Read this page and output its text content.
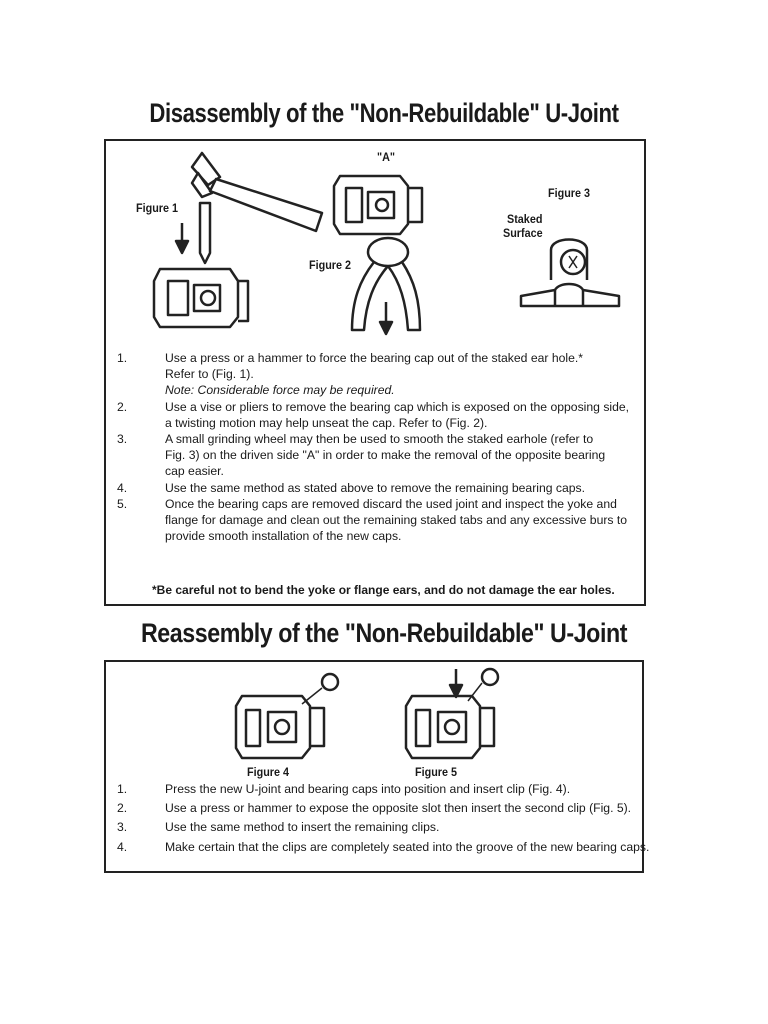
Disassembly of the "Non-Rebuildable" U-Joint
Figure 1
"A"
Figure 2
Figure 3
Staked
Surface
1.	Use a press or a hammer to force the bearing cap out of the staked ear hole.*
Refer to (Fig. 1).
Note: Considerable force may be required.
2.	Use a vise or pliers to remove the bearing cap which is exposed on the opposing side,
a twisting motion may help unseat the cap. Refer to (Fig. 2).
3.	A small grinding wheel may then be used to smooth the staked earhole (refer to
Fig. 3) on the driven side "A" in order to make the removal of the opposite bearing
cap easier.
4.	Use the same method as stated above to remove the remaining bearing caps.
5.	Once the bearing caps are removed discard the used joint and inspect the yoke and
flange for damage and clean out the remaining staked tabs and any excessive burs to
provide smooth installation of the new caps.
*Be careful not to bend the yoke or flange ears, and do not damage the ear holes.
Reassembly of the "Non-Rebuildable" U-Joint
Figure 4	Figure 5
1.	Press the new U-joint and bearing caps into position and insert clip (Fig. 4).
2.	Use a press or hammer to expose the opposite slot then insert the second clip (Fig. 5).
3.	Use the same method to insert the remaining clips.
4.	Make certain that the clips are completely seated into the groove of the new bearing caps.
